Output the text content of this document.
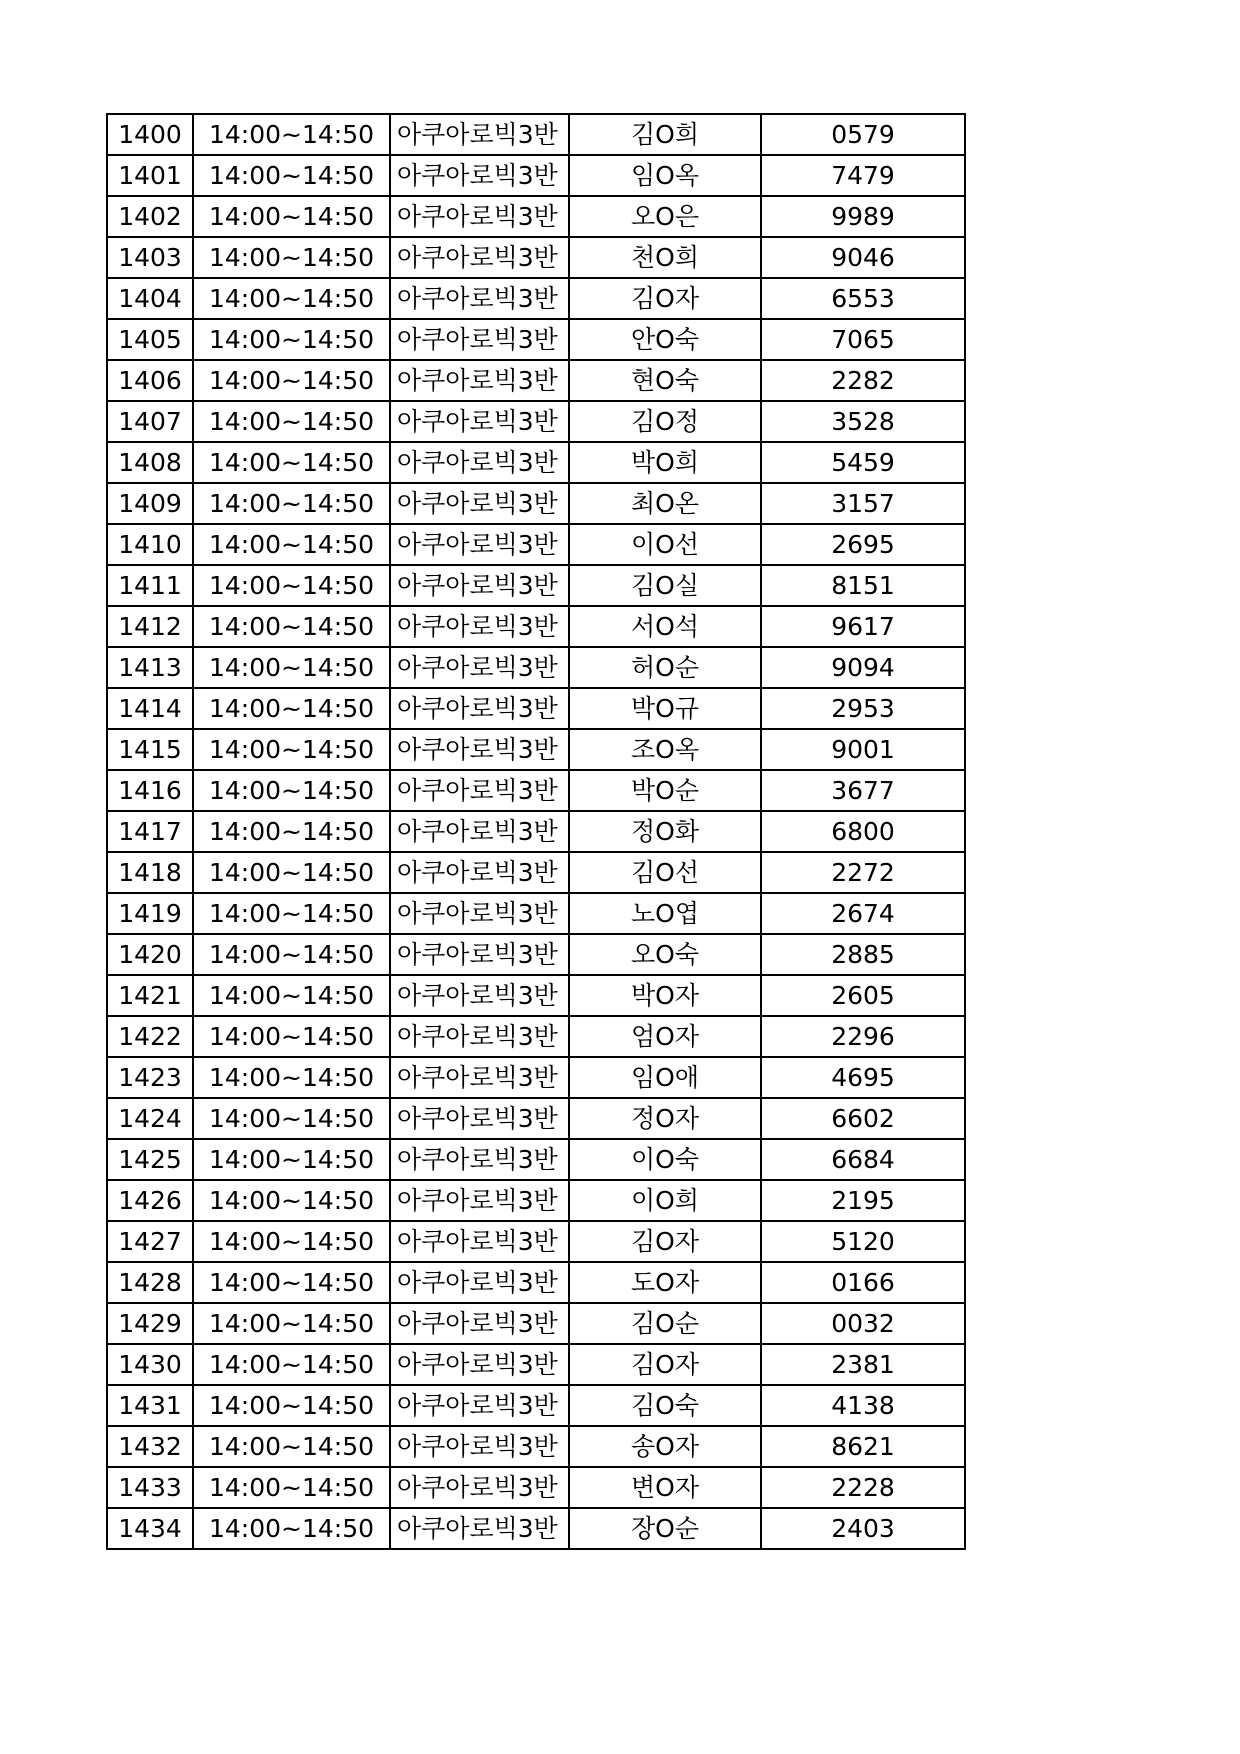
1400	14:00~14:50	아쿠아로빅3반	김O희	0579
1401	14:00~14:50	아쿠아로빅3반	임O옥	7479
1402	14:00~14:50	아쿠아로빅3반	오O은	9989
1403	14:00~14:50	아쿠아로빅3반	천O희	9046
1404	14:00~14:50	아쿠아로빅3반	김O자	6553
1405	14:00~14:50	아쿠아로빅3반	안O숙	7065
1406	14:00~14:50	아쿠아로빅3반	현O숙	2282
1407	14:00~14:50	아쿠아로빅3반	김O정	3528
1408	14:00~14:50	아쿠아로빅3반	박O희	5459
1409	14:00~14:50	아쿠아로빅3반	최O온	3157
1410	14:00~14:50	아쿠아로빅3반	이O선	2695
1411	14:00~14:50	아쿠아로빅3반	김O실	8151
1412	14:00~14:50	아쿠아로빅3반	서O석	9617
1413	14:00~14:50	아쿠아로빅3반	허O순	9094
1414	14:00~14:50	아쿠아로빅3반	박O규	2953
1415	14:00~14:50	아쿠아로빅3반	조O옥	9001
1416	14:00~14:50	아쿠아로빅3반	박O순	3677
1417	14:00~14:50	아쿠아로빅3반	정O화	6800
1418	14:00~14:50	아쿠아로빅3반	김O선	2272
1419	14:00~14:50	아쿠아로빅3반	노O엽	2674
1420	14:00~14:50	아쿠아로빅3반	오O숙	2885
1421	14:00~14:50	아쿠아로빅3반	박O자	2605
1422	14:00~14:50	아쿠아로빅3반	엄O자	2296
1423	14:00~14:50	아쿠아로빅3반	임O애	4695
1424	14:00~14:50	아쿠아로빅3반	정O자	6602
1425	14:00~14:50	아쿠아로빅3반	이O숙	6684
1426	14:00~14:50	아쿠아로빅3반	이O희	2195
1427	14:00~14:50	아쿠아로빅3반	김O자	5120
1428	14:00~14:50	아쿠아로빅3반	도O자	0166
1429	14:00~14:50	아쿠아로빅3반	김O순	0032
1430	14:00~14:50	아쿠아로빅3반	김O자	2381
1431	14:00~14:50	아쿠아로빅3반	김O숙	4138
1432	14:00~14:50	아쿠아로빅3반	송O자	8621
1433	14:00~14:50	아쿠아로빅3반	변O자	2228
1434	14:00~14:50	아쿠아로빅3반	장O순	2403
